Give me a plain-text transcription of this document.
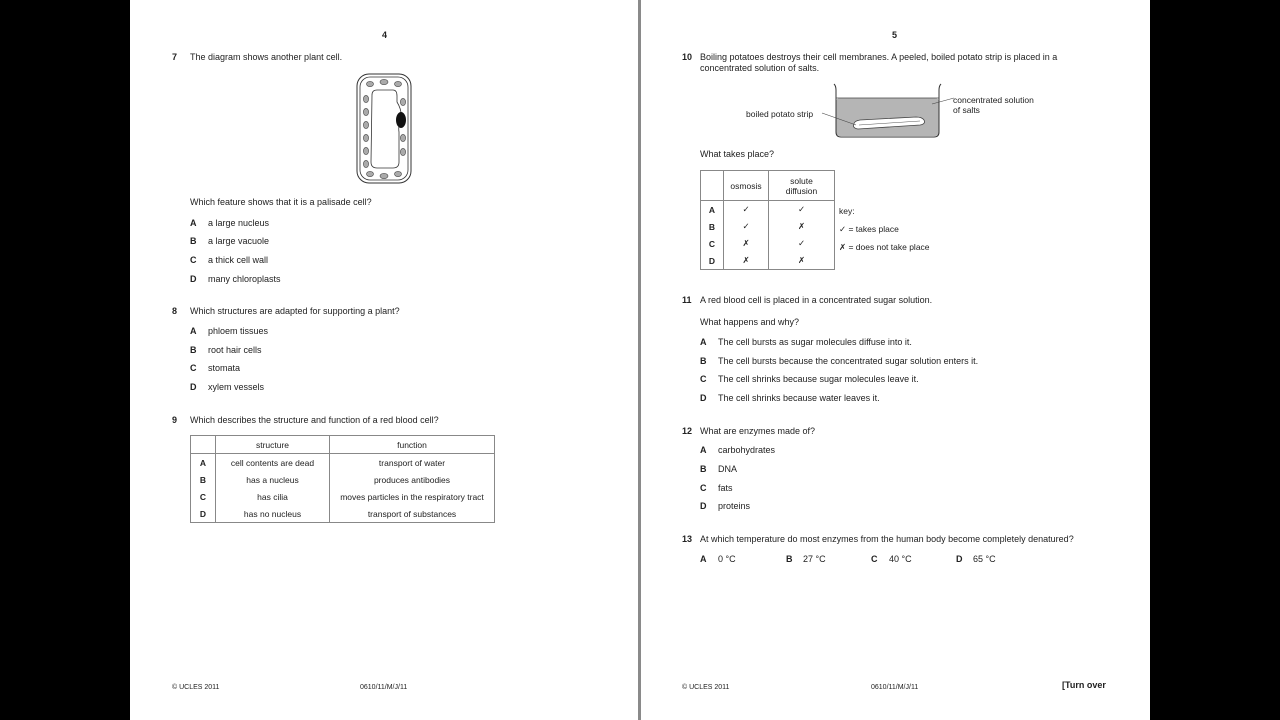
4
7 The diagram shows another plant cell.
Which feature shows that it is a palisade cell?
A a large nucleus
B a large vacuole
C a thick cell wall
D many chloroplasts
8 Which structures are adapted for supporting a plant?
A phloem tissues
B root hair cells
C stomata
D xylem vessels
9 Which describes the structure and function of a red blood cell?
	structure	function
A	cell contents are dead	transport of water
B	has a nucleus	produces antibodies
C	has cilia	moves particles in the respiratory tract
D	has no nucleus	transport of substances
© UCLES 2011	0610/11/M/J/11
5
10 Boiling potatoes destroys their cell membranes. A peeled, boiled potato strip is placed in a
concentrated solution of salts.
boiled potato strip
concentrated solution
of salts
What takes place?
	osmosis	solute
diffusion
A	✓	✓
B	✓	✗
C	✗	✓
D	✗	✗
key:
✓ = takes place
✗ = does not take place
11 A red blood cell is placed in a concentrated sugar solution.
What happens and why?
A The cell bursts as sugar molecules diffuse into it.
B The cell bursts because the concentrated sugar solution enters it.
C The cell shrinks because sugar molecules leave it.
D The cell shrinks because water leaves it.
12 What are enzymes made of?
A carbohydrates
B DNA
C fats
D proteins
13 At which temperature do most enzymes from the human body become completely denatured?
A 0 °C	B 27 °C	C 40 °C	D 65 °C
© UCLES 2011	0610/11/M/J/11	[Turn over
